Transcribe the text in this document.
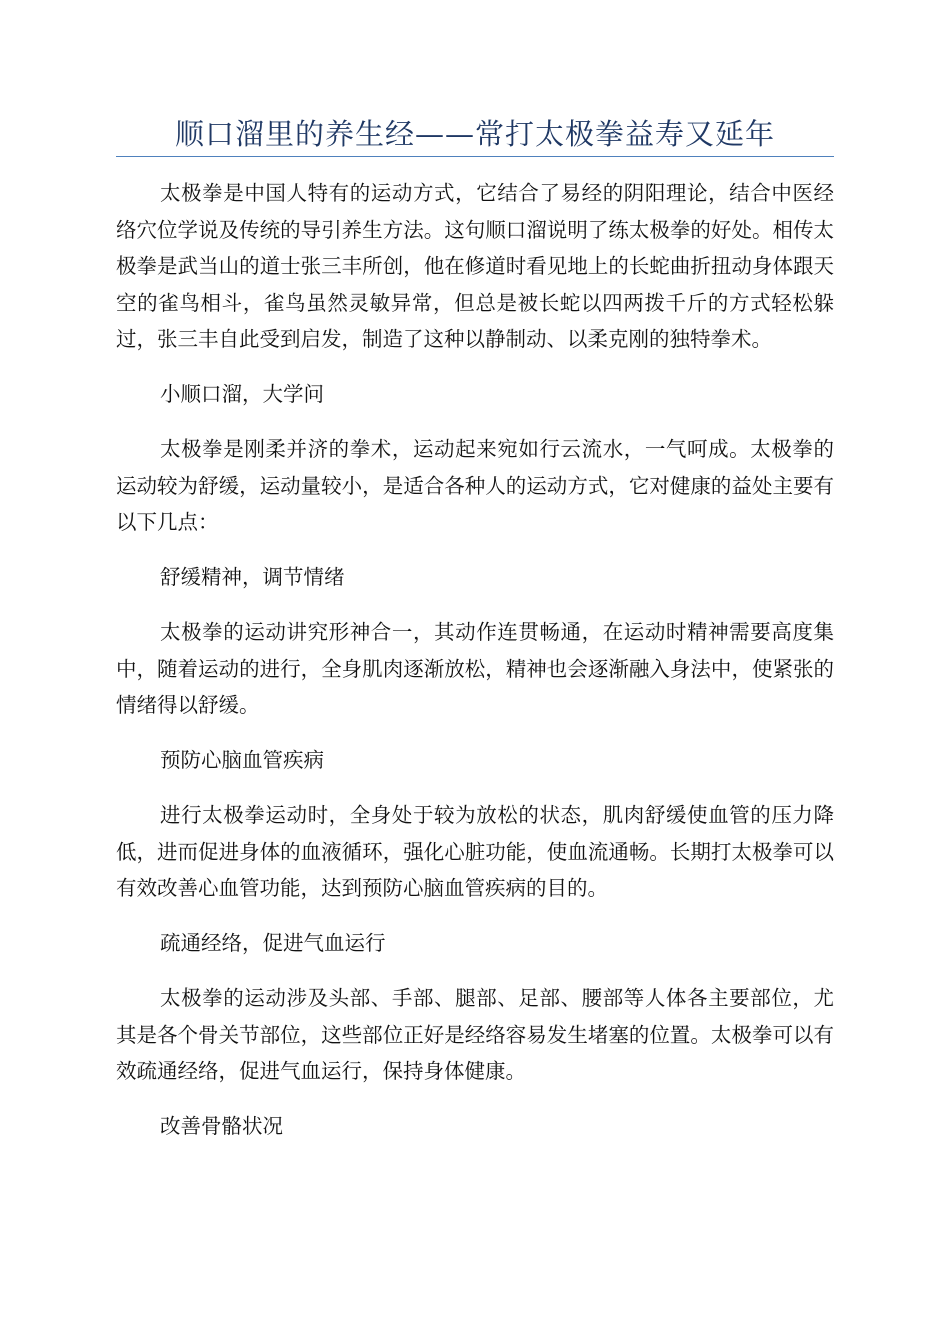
顺口溜里的养生经——常打太极拳益寿又延年

太极拳是中国人特有的运动方式，它结合了易经的阴阳理论，结合中医经络穴位学说及传统的导引养生方法。这句顺口溜说明了练太极拳的好处。相传太极拳是武当山的道士张三丰所创，他在修道时看见地上的长蛇曲折扭动身体跟天空的雀鸟相斗，雀鸟虽然灵敏异常，但总是被长蛇以四两拨千斤的方式轻松躲过，张三丰自此受到启发，制造了这种以静制动、以柔克刚的独特拳术。

小顺口溜，大学问

太极拳是刚柔并济的拳术，运动起来宛如行云流水，一气呵成。太极拳的运动较为舒缓，运动量较小，是适合各种人的运动方式，它对健康的益处主要有以下几点：

舒缓精神，调节情绪

太极拳的运动讲究形神合一，其动作连贯畅通，在运动时精神需要高度集中，随着运动的进行，全身肌肉逐渐放松，精神也会逐渐融入身法中，使紧张的情绪得以舒缓。

预防心脑血管疾病

进行太极拳运动时，全身处于较为放松的状态，肌肉舒缓使血管的压力降低，进而促进身体的血液循环，强化心脏功能，使血流通畅。长期打太极拳可以有效改善心血管功能，达到预防心脑血管疾病的目的。

疏通经络，促进气血运行

太极拳的运动涉及头部、手部、腿部、足部、腰部等人体各主要部位，尤其是各个骨关节部位，这些部位正好是经络容易发生堵塞的位置。太极拳可以有效疏通经络，促进气血运行，保持身体健康。

改善骨骼状况
